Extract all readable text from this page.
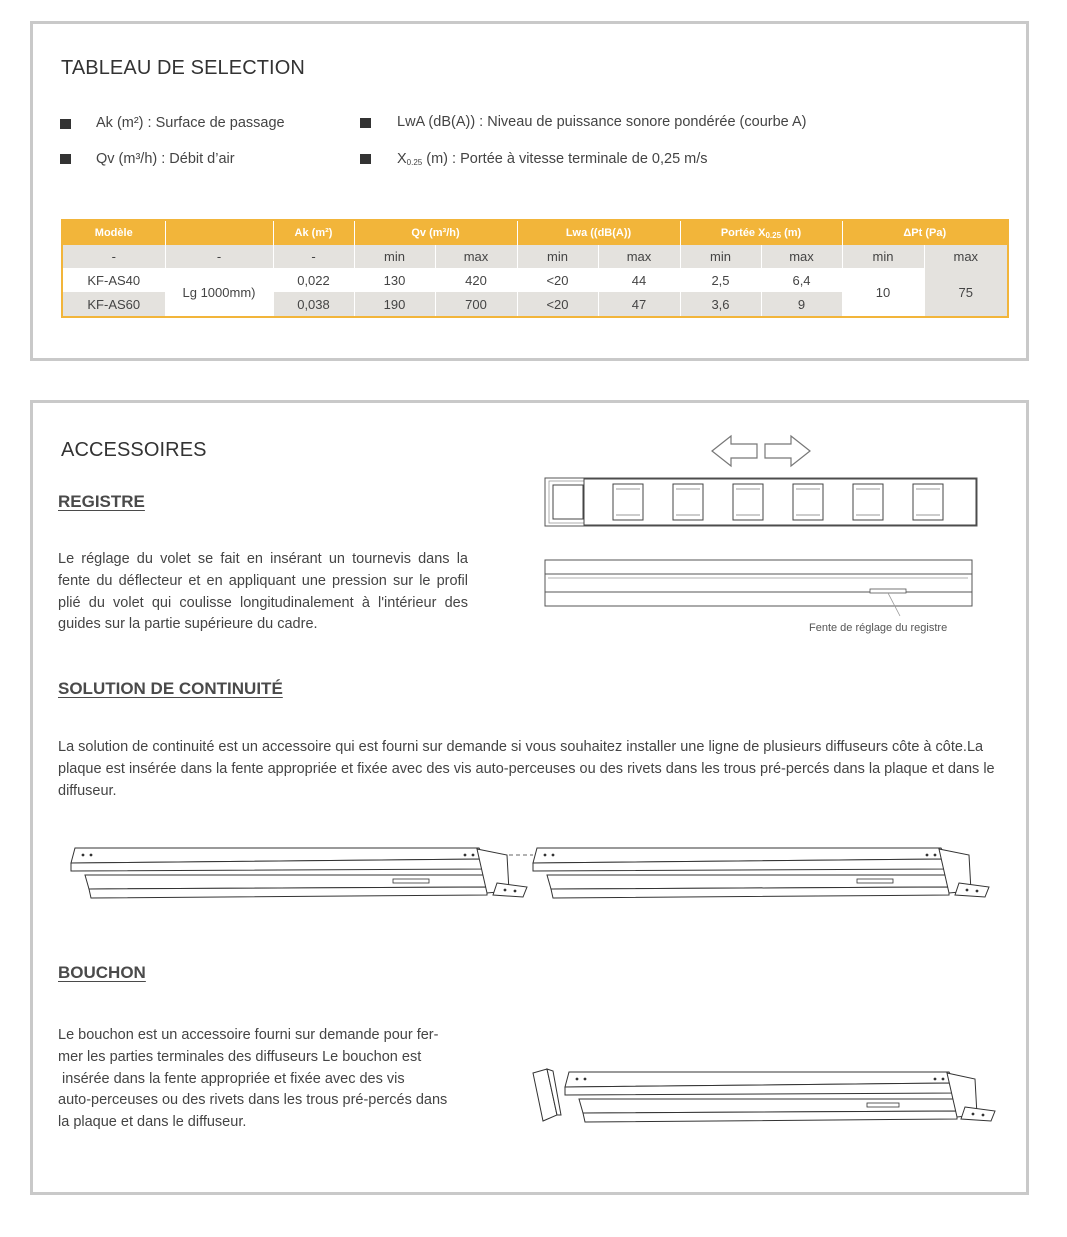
TABLEAU DE SELECTION
Ak (m²) : Surface de passage	LwA (dB(A)) : Niveau de puissance sonore pondérée (courbe A)
Qv (m³/h) : Débit d’air	$X_{0.25}$ (m) : Portée à vitesse terminale de 0,25 m/s
Modèle		Ak (m²)	Qv (m³/h)		Lwa ((dB(A))		Portée $X_{0.25}$ (m)		ΔPt (Pa)	
-	-	-	min	max	min	max	min	max	min	max
KF-AS40	Lg 1000mm)	0,022	130	420	<20	44	2,5	6,4	10	75
KF-AS60		0,038	190	700	<20	47	3,6	9		
ACCESSOIRES
REGISTRE
Le réglage du volet se fait en insérant un tournevis dans la fente du déflecteur et en appliquant une pression sur le profil plié du volet qui coulisse longitudinalement à l'intérieur des guides sur la partie supérieure du cadre.	Fente de réglage du registre
SOLUTION DE CONTINUITÉ
La solution de continuité est un accessoire qui est fourni sur demande si vous souhaitez installer une ligne de plusieurs diffuseurs côte à côte.La plaque est insérée dans la fente appropriée et fixée avec des vis auto-perceuses ou des rivets dans les trous pré-percés dans la plaque et dans le diffuseur.
BOUCHON
Le bouchon est un accessoire fourni sur demande pour fer-
mer les parties terminales des diffuseurs Le bouchon est
insérée dans la fente appropriée et fixée avec des vis
auto-perceuses ou des rivets dans les trous pré-percés dans
la plaque et dans le diffuseur.
